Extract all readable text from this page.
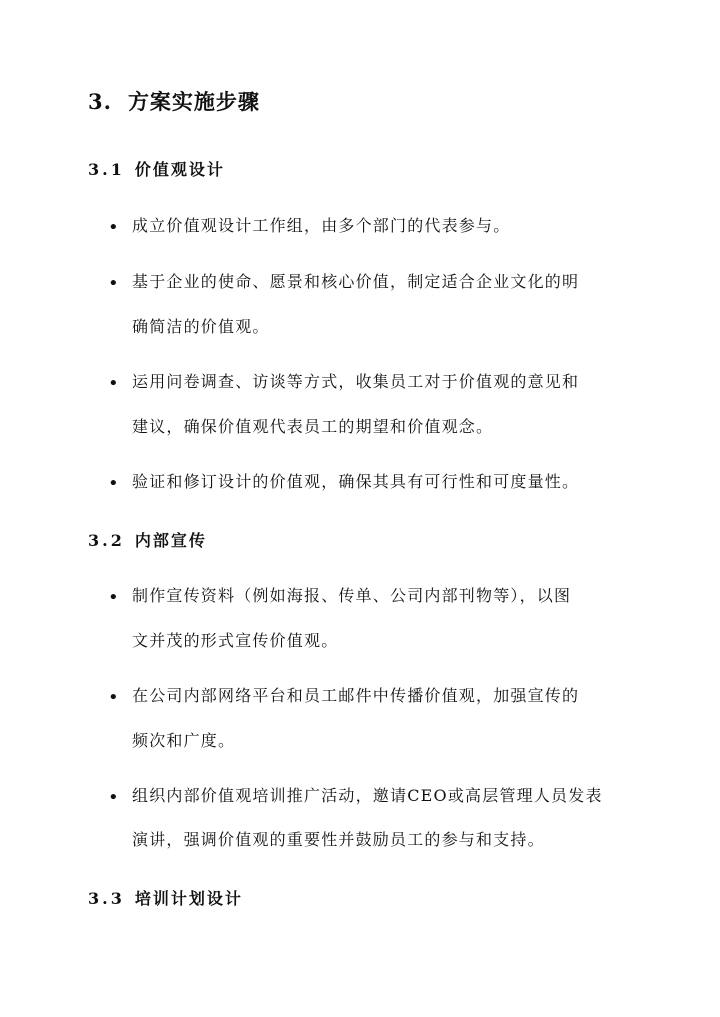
3. 方案实施步骤
3.1 价值观设计
• 成立价值观设计工作组，由多个部门的代表参与。
• 基于企业的使命、愿景和核心价值，制定适合企业文化的明
确简洁的价值观。
• 运用问卷调查、访谈等方式，收集员工对于价值观的意见和
建议，确保价值观代表员工的期望和价值观念。
• 验证和修订设计的价值观，确保其具有可行性和可度量性。
3.2 内部宣传
• 制作宣传资料（例如海报、传单、公司内部刊物等），以图
文并茂的形式宣传价值观。
• 在公司内部网络平台和员工邮件中传播价值观，加强宣传的
频次和广度。
• 组织内部价值观培训推广活动，邀请CEO或高层管理人员发表
演讲，强调价值观的重要性并鼓励员工的参与和支持。
3.3 培训计划设计
